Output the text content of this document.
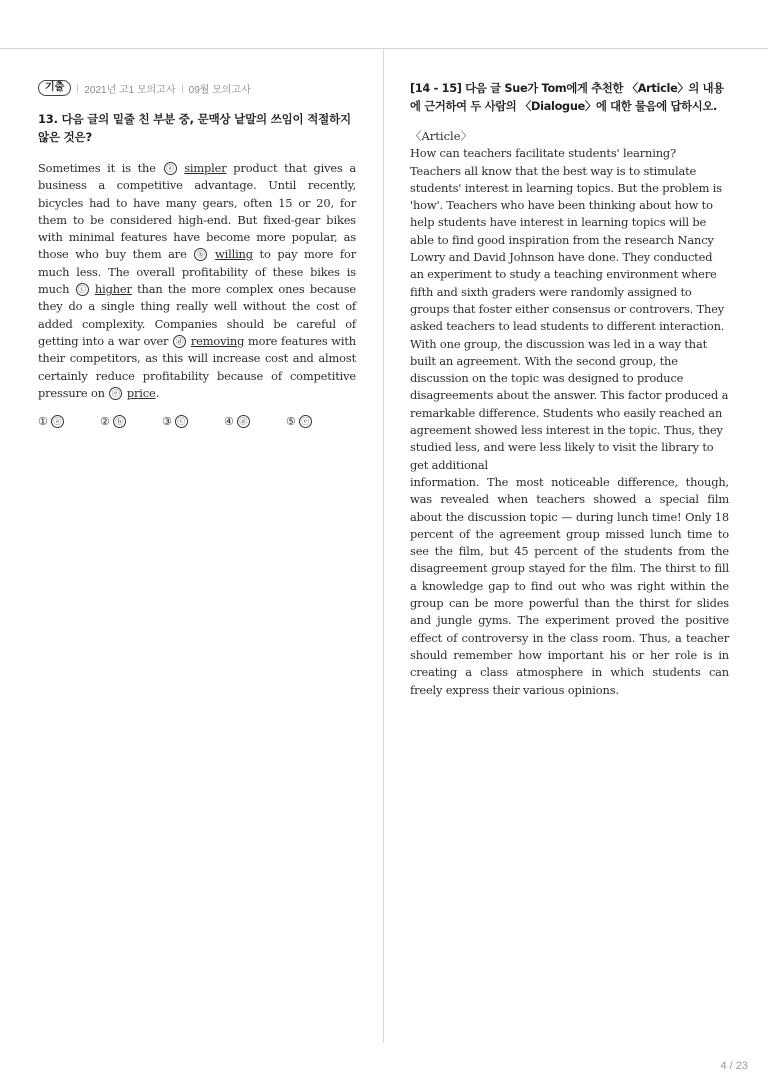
기출	2021년 고1 모의고사 09월 모의고사
13. 다음 글의 밑줄 친 부분 중, 문맥상 낱말의 쓰임이 적절하지 않은 것은?
Sometimes it is the ⓐ simpler product that gives a business a competitive advantage. Until recently, bicycles had to have many gears, often 15 or 20, for them to be considered high-end. But fixed-gear bikes with minimal features have become more popular, as those who buy them are ⓑ willing to pay more for much less. The overall profitability of these bikes is much ⓒ higher than the more complex ones because they do a single thing really well without the cost of added complexity. Companies should be careful of getting into a war over ⓓ removing more features with their competitors, as this will increase cost and almost certainly reduce profitability because of competitive pressure on ⓔ price.
① ⓐ	② ⓑ	③ ⓒ	④ ⓓ	⑤ ⓔ
[14 - 15] 다음 글 Sue가 Tom에게 추천한 〈Article〉의 내용에 근거하여 두 사람의 〈Dialogue〉에 대한 물음에 답하시오.
〈Article〉

How can teachers facilitate students' learning? Teachers all know that the best way is to stimulate students' interest in learning topics. But the problem is 'how'. Teachers who have been thinking about how to help students have interest in learning topics will be able to find good inspiration from the research Nancy Lowry and David Johnson have done. They conducted an experiment to study a teaching environment where fifth and sixth graders were randomly assigned to groups that foster either consensus or controvers. They asked teachers to lead students to different interaction. With one group, the discussion was led in a way that built an agreement. With the second group, the discussion on the topic was designed to produce disagreements about the answer. This factor produced a remarkable difference. Students who easily reached an agreement showed less interest in the topic. Thus, they studied less, and were less likely to visit the library to get additional

information. The most noticeable difference, though, was revealed when teachers showed a special film about the discussion topic — during lunch time! Only 18 percent of the agreement group missed lunch time to see the film, but 45 percent of the students from the disagreement group stayed for the film. The thirst to fill a knowledge gap to find out who was right within the group can be more powerful than the thirst for slides and jungle gyms. The experiment proved the positive effect of controversy in the class room. Thus, a teacher should remember how important his or her role is in creating a class atmosphere in which students can freely express their various opinions.

4 / 23
